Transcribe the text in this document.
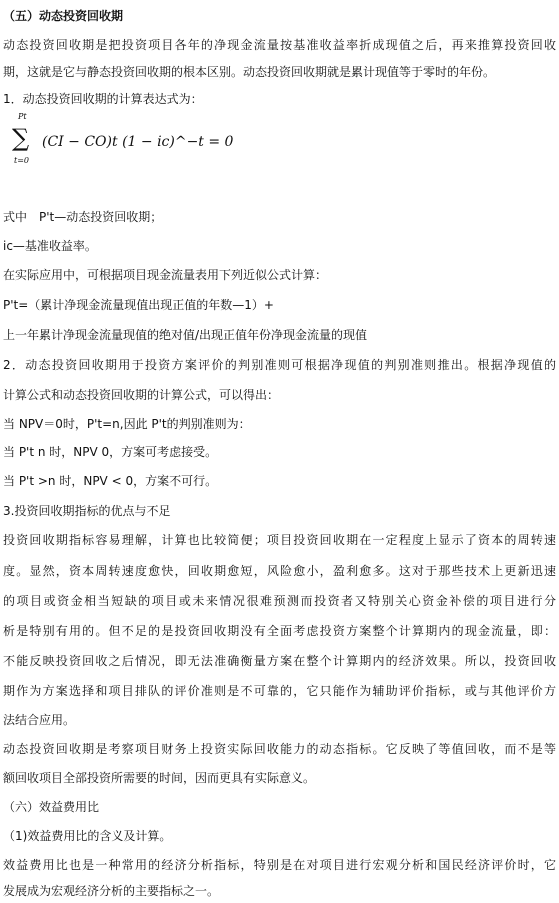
（五）动态投资回收期
动态投资回收期是把投资项目各年的净现金流量按基准收益率折成现值之后，再来推算投资回收
期，这就是它与静态投资回收期的根本区别。动态投资回收期就是累计现值等于零时的年份。
1．动态投资回收期的计算表达式为：
Pt
∑
t=0
(CI − CO)t (1 − ic)^−t = 0
式中　P't—动态投资回收期；
ic—基准收益率。
在实际应用中，可根据项目现金流量表用下列近似公式计算：
P't=（累计净现金流量现值出现正值的年数—1）+
上一年累计净现金流量现值的绝对值/出现正值年份净现金流量的现值
2．动态投资回收期用于投资方案评价的判别准则可根据净现值的判别准则推出。根据净现值的
计算公式和动态投资回收期的计算公式，可以得出：
当 NPV＝0时，P't=n,因此 P't的判别准则为：
当 P't n 时，NPV 0，方案可考虑接受。
当 P't >n 时，NPV < 0，方案不可行。
3.投资回收期指标的优点与不足
投资回收期指标容易理解，计算也比较简便；项目投资回收期在一定程度上显示了资本的周转速
度。显然，资本周转速度愈快，回收期愈短，风险愈小，盈利愈多。这对于那些技术上更新迅速
的项目或资金相当短缺的项目或未来情况很难预测而投资者又特别关心资金补偿的项目进行分
析是特别有用的。但不足的是投资回收期没有全面考虑投资方案整个计算期内的现金流量，即：
不能反映投资回收之后情况，即无法准确衡量方案在整个计算期内的经济效果。所以，投资回收
期作为方案选择和项目排队的评价准则是不可靠的，它只能作为辅助评价指标，或与其他评价方
法结合应用。
动态投资回收期是考察项目财务上投资实际回收能力的动态指标。它反映了等值回收，而不是等
额回收项目全部投资所需要的时间，因而更具有实际意义。
（六）效益费用比
（1)效益费用比的含义及计算。
效益费用比也是一种常用的经济分析指标，特别是在对项目进行宏观分析和国民经济评价时，它
发展成为宏观经济分析的主要指标之一。
